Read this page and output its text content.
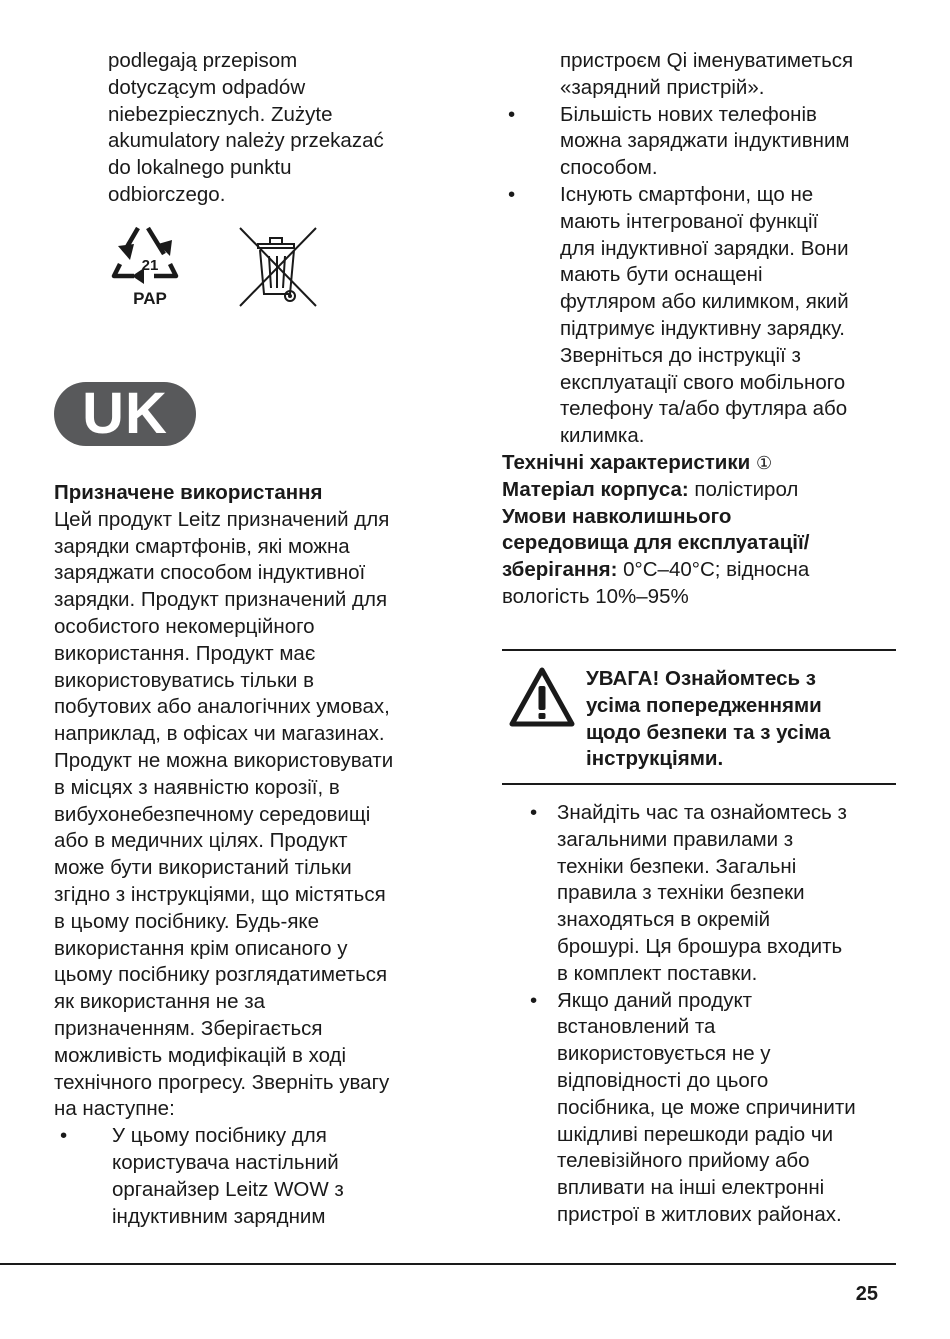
podlegają przepisom
dotyczącym odpadów
niebezpiecznych. Zużyte
akumulatory należy przekazać
do lokalnego punktu
odbiorczego.
21
PAP
UK
Призначене використання
Цей продукт Leitz призначений для
зарядки смартфонів, які можна
заряджати способом індуктивної
зарядки. Продукт призначений для
особистого некомерційного
використання. Продукт має
використовуватись тільки в
побутових або аналогічних умовах,
наприклад, в офісах чи магазинах.
Продукт не можна використовувати
в місцях з наявністю корозії, в
вибухонебезпечному середовищі
або в медичних цілях. Продукт
може бути використаний тільки
згідно з інструкціями, що містяться
в цьому посібнику. Будь-яке
використання крім описаного у
цьому посібнику розглядатиметься
як використання не за
призначенням. Зберігається
можливість модифікацій в ході
технічного прогресу. Зверніть увагу
на наступне:
• У цьому посібнику для
користувача настільний
органайзер Leitz WOW з
індуктивним зарядним
пристроєм Qi іменуватиметься
«зарядний пристрій».
• Більшість нових телефонів
можна заряджати індуктивним
способом.
• Існують смартфони, що не
мають інтегрованої функції
для індуктивної зарядки. Вони
мають бути оснащені
футляром або килимком, який
підтримує індуктивну зарядку.
Зверніться до інструкції з
експлуатації свого мобільного
телефону та/або футляра або
килимка.
Технічні характеристики ①
Матеріал корпуса: полістирол
Умови навколишнього
середовища для експлуатації/
зберігання: 0°C–40°C; відносна
вологість 10%–95%
УВАГА! Ознайомтесь з
усіма попередженнями
щодо безпеки та з усіма
інструкціями.
• Знайдіть час та ознайомтесь з
загальними правилами з
техніки безпеки. Загальні
правила з техніки безпеки
знаходяться в окремій
брошурі. Ця брошура входить
в комплект поставки.
• Якщо даний продукт
встановлений та
використовується не у
відповідності до цього
посібника, це може спричинити
шкідливі перешкоди радіо чи
телевізійного прийому або
впливати на інші електронні
пристрої в житлових районах.
25
